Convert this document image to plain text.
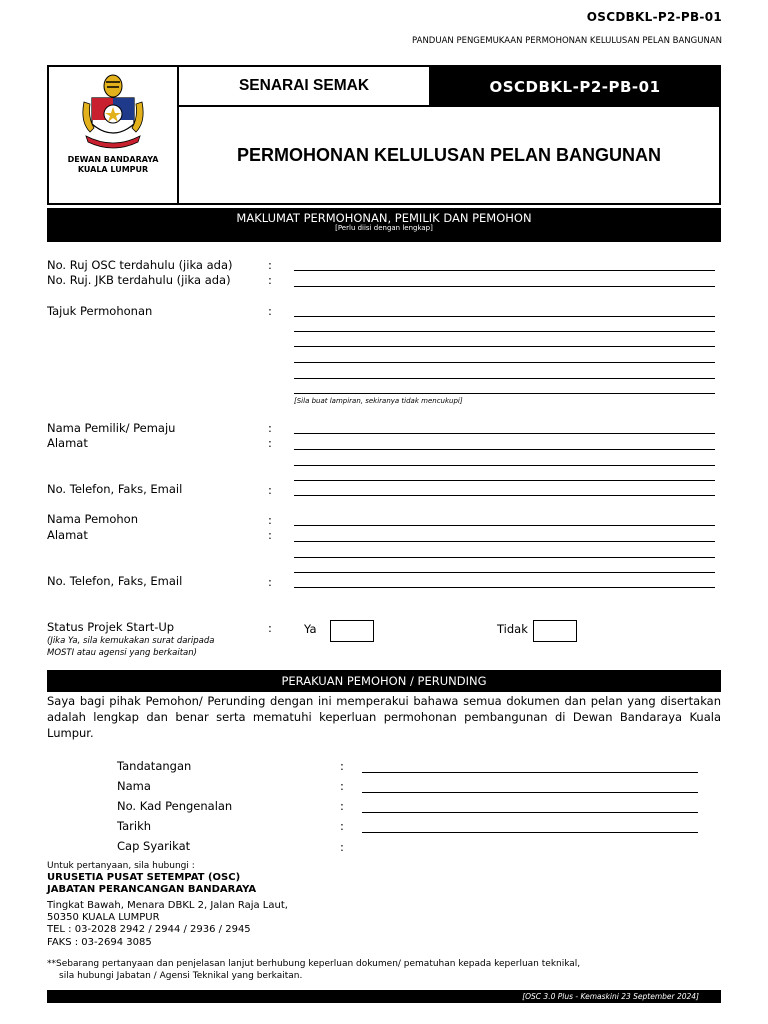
OSCDBKL-P2-PB-01
PANDUAN PENGEMUKAAN PERMOHONAN KELULUSAN PELAN BANGUNAN
DEWAN BANDARAYA
KUALA LUMPUR
SENARAI SEMAK	OSCDBKL-P2-PB-01
PERMOHONAN KELULUSAN PELAN BANGUNAN
MAKLUMAT PERMOHONAN, PEMILIK DAN PEMOHON
[Perlu diisi dengan lengkap]
No. Ruj OSC terdahulu (jika ada)	:
No. Ruj. JKB terdahulu (jika ada)	:
Tajuk Permohonan	:
[Sila buat lampiran, sekiranya tidak mencukupi]
Nama Pemilik/ Pemaju	:
Alamat	:
No. Telefon, Faks, Email	:
Nama Pemohon	:
Alamat	:
No. Telefon, Faks, Email	:
Status Projek Start-Up	:
(Jika Ya, sila kemukakan surat daripada
MOSTI atau agensi yang berkaitan)
Ya	Tidak
PERAKUAN PEMOHON / PERUNDING
Saya bagi pihak Pemohon/ Perunding dengan ini memperakui bahawa semua dokumen dan pelan yang disertakan adalah lengkap dan benar serta mematuhi keperluan permohonan pembangunan di Dewan Bandaraya Kuala Lumpur.
Tandatangan	:
Nama	:
No. Kad Pengenalan	:
Tarikh	:
Cap Syarikat	:
Untuk pertanyaan, sila hubungi :
URUSETIA PUSAT SETEMPAT (OSC)
JABATAN PERANCANGAN BANDARAYA
Tingkat Bawah, Menara DBKL 2, Jalan Raja Laut,
50350 KUALA LUMPUR
TEL : 03-2028 2942 / 2944 / 2936 / 2945
FAKS : 03-2694 3085
**Sebarang pertanyaan dan penjelasan lanjut berhubung keperluan dokumen/ pematuhan kepada keperluan teknikal,
sila hubungi Jabatan / Agensi Teknikal yang berkaitan.
[OSC 3.0 Plus - Kemaskini 23 September 2024]
